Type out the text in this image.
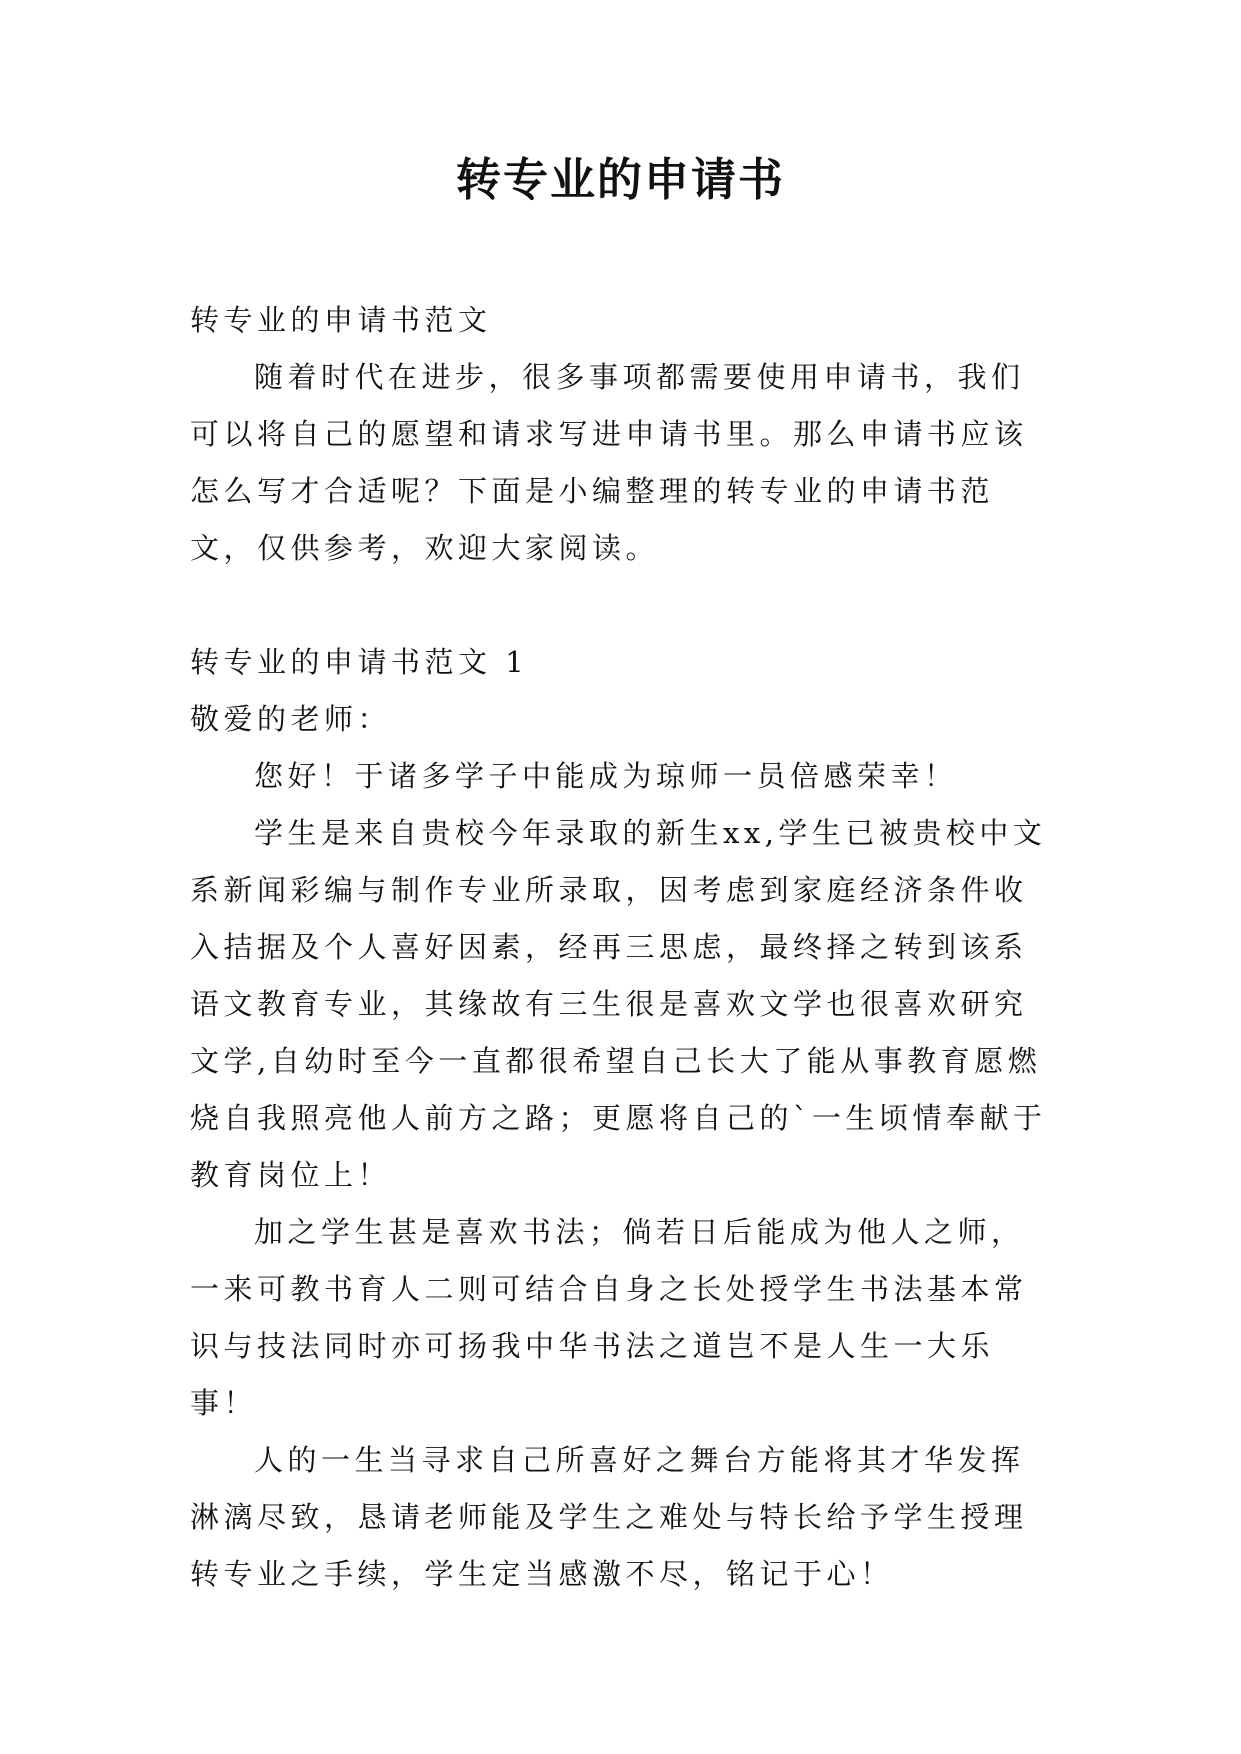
转专业的申请书

转专业的申请书范文

随着时代在进步，很多事项都需要使用申请书，我们可以将自己的愿望和请求写进申请书里。那么申请书应该怎么写才合适呢？下面是小编整理的转专业的申请书范文，仅供参考，欢迎大家阅读。

转专业的申请书范文 1

敬爱的老师：

您好！于诸多学子中能成为琼师一员倍感荣幸！

学生是来自贵校今年录取的新生xx,学生已被贵校中文系新闻彩编与制作专业所录取，因考虑到家庭经济条件收入拮据及个人喜好因素，经再三思虑，最终择之转到该系语文教育专业，其缘故有三生很是喜欢文学也很喜欢研究文学,自幼时至今一直都很希望自己长大了能从事教育愿燃烧自我照亮他人前方之路；更愿将自己的`一生顷情奉献于教育岗位上！

加之学生甚是喜欢书法；倘若日后能成为他人之师，一来可教书育人二则可结合自身之长处授学生书法基本常识与技法同时亦可扬我中华书法之道岂不是人生一大乐事！

人的一生当寻求自己所喜好之舞台方能将其才华发挥淋漓尽致，恳请老师能及学生之难处与特长给予学生授理转专业之手续，学生定当感激不尽，铭记于心！
